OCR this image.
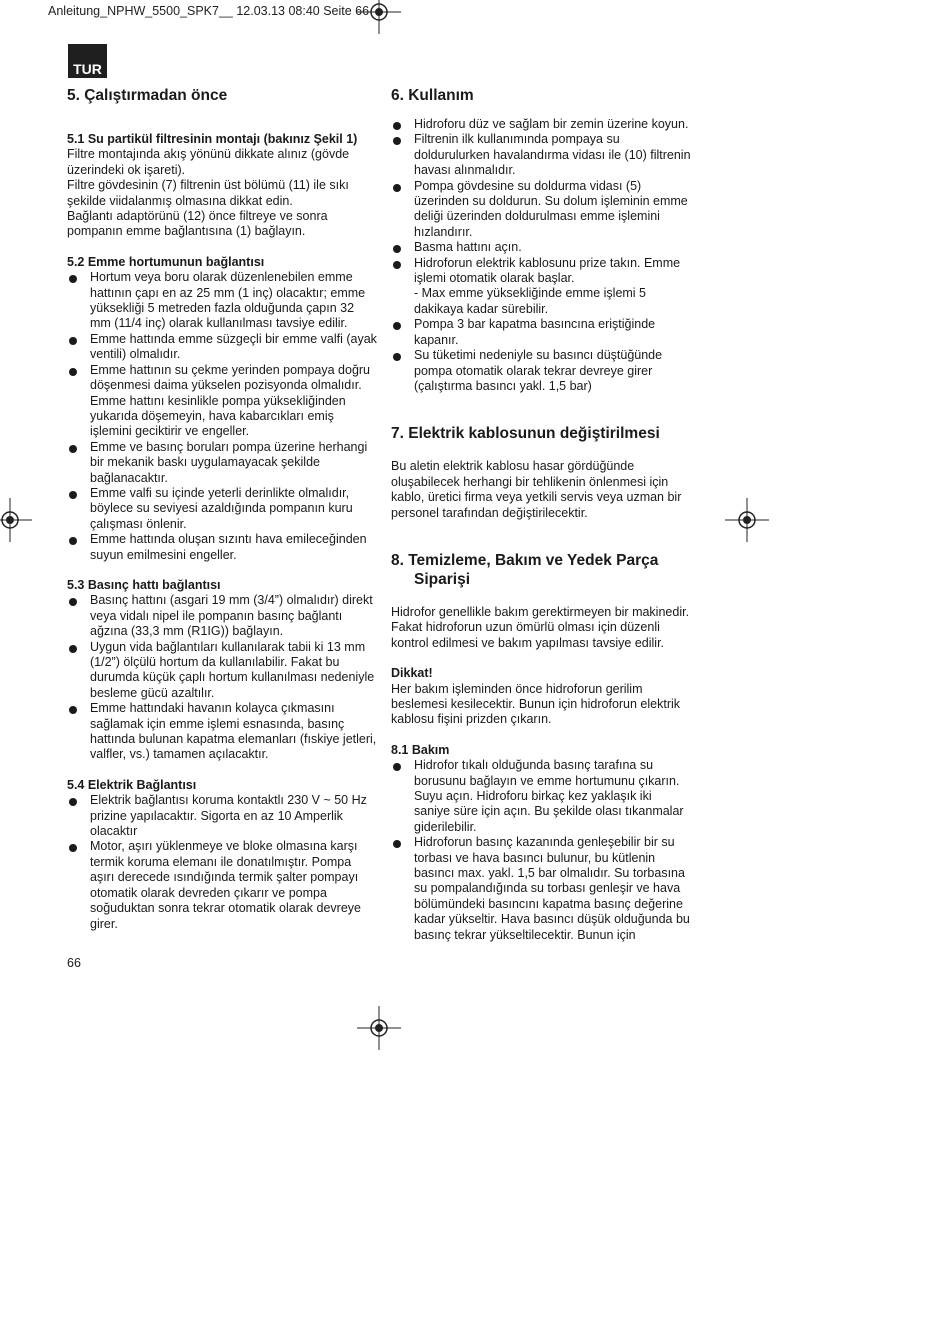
Anleitung_NPHW_5500_SPK7__ 12.03.13 08:40 Seite 66
TUR
5. Çalıştırmadan önce
5.1 Su partikül filtresinin montajı (bakınız Şekil 1)

Filtre montajında akış yönünü dikkate alınız (gövde üzerindeki ok işareti).

Filtre gövdesinin (7) filtrenin üst bölümü (11) ile sıkı şekilde viidalanmış olmasına dikkat edin.

Bağlantı adaptörünü (12) önce filtreye ve sonra pompanın emme bağlantısına (1) bağlayın.

5.2 Emme hortumunun bağlantısı
Hortum veya boru olarak düzenlenebilen emme hattının çapı en az 25 mm (1 inç) olacaktır; emme yüksekliği 5 metreden fazla olduğunda çapın 32 mm (11/4 inç) olarak kullanılması tavsiye edilir.
Emme hattında emme süzgeçli bir emme valfi (ayak ventili) olmalıdır.
Emme hattının su çekme yerinden pompaya doğru döşenmesi daima yükselen pozisyonda olmalıdır. Emme hattını kesinlikle pompa yüksekliğinden yukarıda döşemeyin, hava kabarcıkları emiş işlemini geciktirir ve engeller.
Emme ve basınç boruları pompa üzerine herhangi bir mekanik baskı uygulamayacak şekilde bağlanacaktır.
Emme valfi su içinde yeterli derinlikte olmalıdır, böylece su seviyesi azaldığında pompanın kuru çalışması önlenir.
Emme hattında oluşan sızıntı hava emileceğinden suyun emilmesini engeller.
5.3 Basınç hattı bağlantısı
Basınç hattını (asgari 19 mm (3/4”) olmalıdır) direkt veya vidalı nipel ile pompanın basınç bağlantı ağzına (33,3 mm (R1IG)) bağlayın.
Uygun vida bağlantıları kullanılarak tabii ki 13 mm (1/2”) ölçülü hortum da kullanılabilir. Fakat bu durumda küçük çaplı hortum kullanılması nedeniyle besleme gücü azaltılır.
Emme hattındaki havanın kolayca çıkmasını sağlamak için emme işlemi esnasında, basınç hattında bulunan kapatma elemanları (fıskiye jetleri, valfler, vs.) tamamen açılacaktır.
5.4 Elektrik Bağlantısı
Elektrik bağlantısı koruma kontaktlı 230 V ~ 50 Hz prizine yapılacaktır. Sigorta en az 10 Amperlik olacaktır
Motor, aşırı yüklenmeye ve bloke olmasına karşı termik koruma elemanı ile donatılmıştır. Pompa aşırı derecede ısındığında termik şalter pompayı otomatik olarak devreden çıkarır ve pompa soğuduktan sonra tekrar otomatik olarak devreye girer.
6. Kullanım
Hidroforu düz ve sağlam bir zemin üzerine koyun.
Filtrenin ilk kullanımında pompaya su doldurulurken havalandırma vidası ile (10) filtrenin havası alınmalıdır.
Pompa gövdesine su doldurma vidası (5) üzerinden su doldurun. Su dolum işleminin emme deliği üzerinden doldurulması emme işlemini hızlandırır.
Basma hattını açın.
Hidroforun elektrik kablosunu prize takın. Emme işlemi otomatik olarak başlar.
- Max emme yüksekliğinde emme işlemi 5 dakikaya kadar sürebilir.
Pompa 3 bar kapatma basıncına eriştiğinde kapanır.
Su tüketimi nedeniyle su basıncı düştüğünde pompa otomatik olarak tekrar devreye girer (çalıştırma basıncı yakl. 1,5 bar)
7. Elektrik kablosunun değiştirilmesi

Bu aletin elektrik kablosu hasar gördüğünde oluşabilecek herhangi bir tehlikenin önlenmesi için kablo, üretici firma veya yetkili servis veya uzman bir personel tarafından değiştirilecektir.

8. Temizleme, Bakım ve Yedek Parça Siparişi

Hidrofor genellikle bakım gerektirmeyen bir makinedir. Fakat hidroforun uzun ömürlü olması için düzenli kontrol edilmesi ve bakım yapılması tavsiye edilir.

Dikkat!

Her bakım işleminden önce hidroforun gerilim beslemesi kesilecektir. Bunun için hidroforun elektrik kablosu fişini prizden çıkarın.

8.1 Bakım
Hidrofor tıkalı olduğunda basınç tarafına su borusunu bağlayın ve emme hortumunu çıkarın. Suyu açın. Hidroforu birkaç kez yaklaşık iki saniye süre için açın. Bu şekilde olası tıkanmalar giderilebilir.
Hidroforun basınç kazanında genleşebilir bir su torbası ve hava basıncı bulunur, bu kütlenin basıncı max. yakl. 1,5 bar olmalıdır. Su torbasına su pompalandığında su torbası genleşir ve hava bölümündeki basıncını kapatma basınç değerine kadar yükseltir. Hava basıncı düşük olduğunda bu basınç tekrar yükseltilecektir. Bunun için
66
